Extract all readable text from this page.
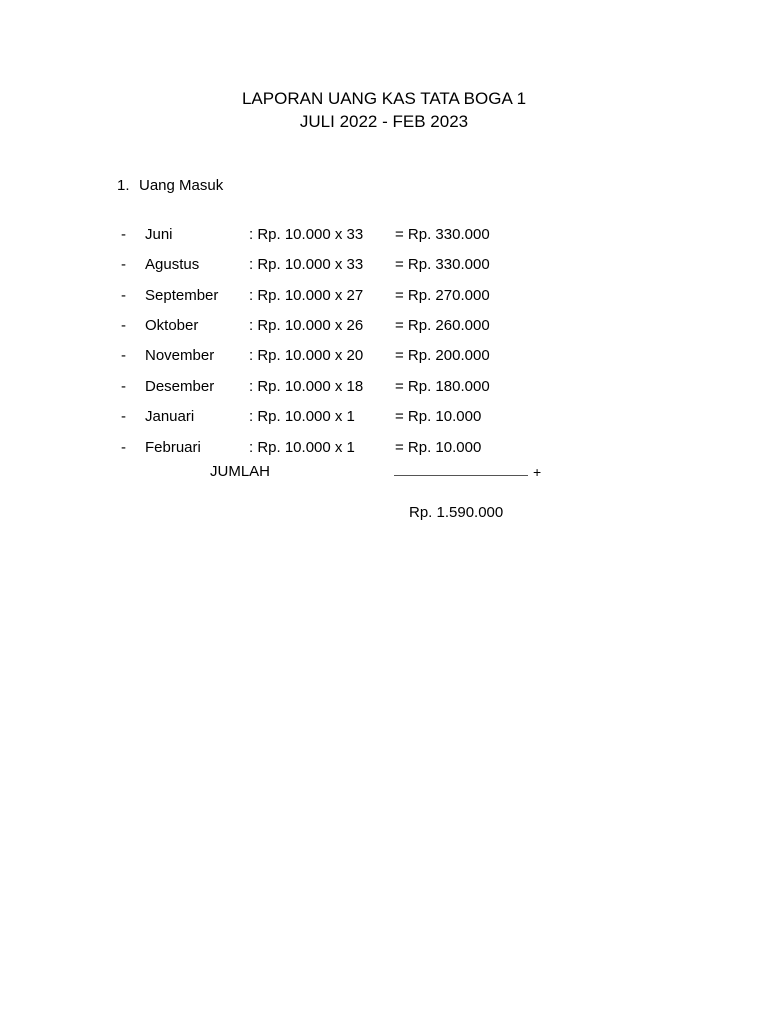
LAPORAN UANG KAS TATA BOGA 1
JULI 2022 - FEB 2023
1. Uang Masuk
- Juni	: Rp. 10.000 x 33 = Rp. 330.000
- Agustus	: Rp. 10.000 x 33 = Rp. 330.000
- September : Rp. 10.000 x 27 = Rp. 270.000
- Oktober	: Rp. 10.000 x 26 = Rp. 260.000
- November : Rp. 10.000 x 20 = Rp. 200.000
- Desember : Rp. 10.000 x 18 = Rp. 180.000
- Januari	: Rp. 10.000 x 1	= Rp. 10.000
- Februari	: Rp. 10.000 x 1	= Rp. 10.000
JUMLAH	+
Rp. 1.590.000
